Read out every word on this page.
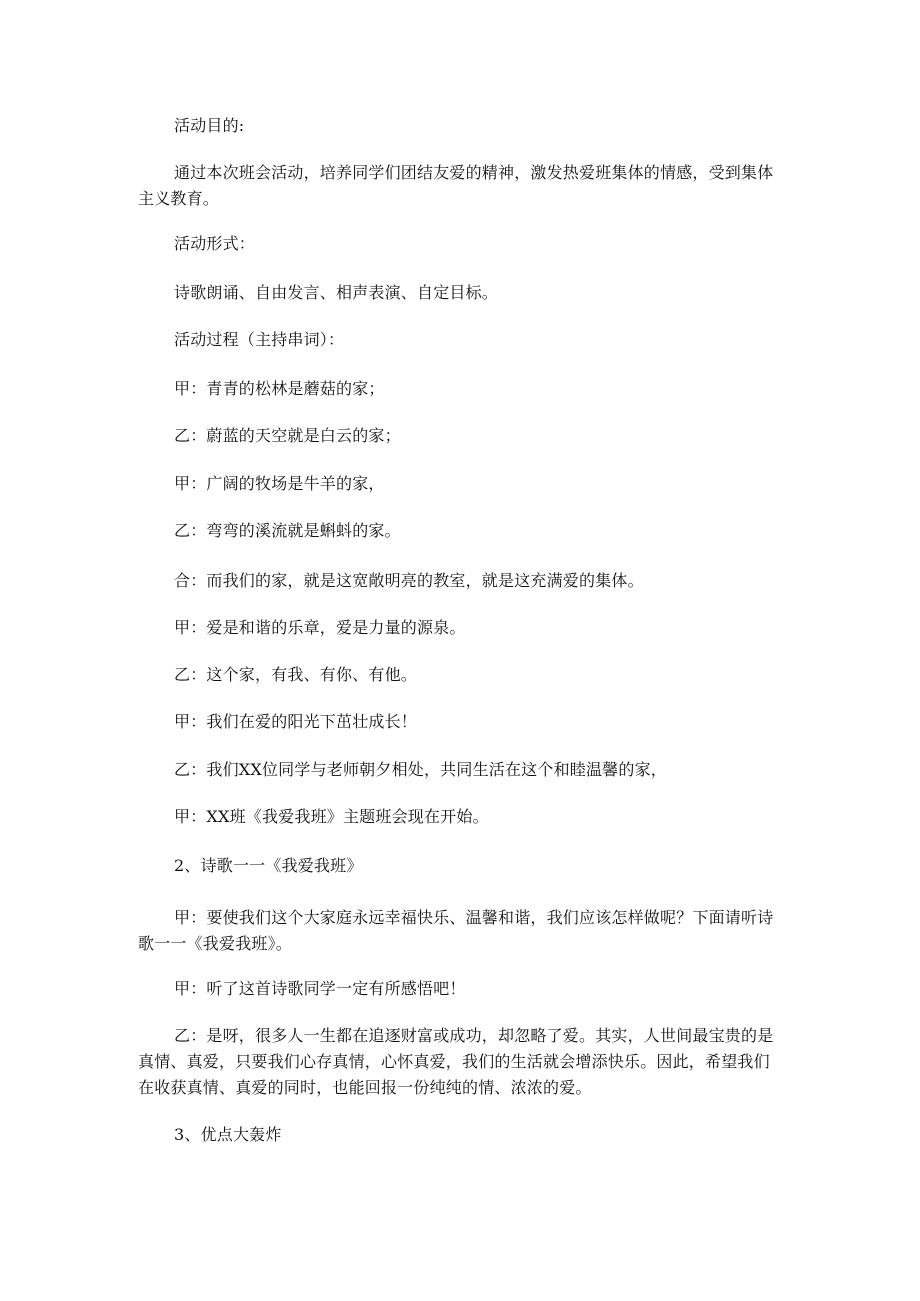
活动目的:

通过本次班会活动，培养同学们团结友爱的精神，激发热爱班集体的情感，受到集体主义教育。

活动形式：

诗歌朗诵、自由发言、相声表演、自定目标。

活动过程（主持串词）：

甲：青青的松林是蘑菇的家；

乙：蔚蓝的天空就是白云的家；

甲：广阔的牧场是牛羊的家，

乙：弯弯的溪流就是蝌蚪的家。

合：而我们的家，就是这宽敞明亮的教室，就是这充满爱的集体。

甲：爱是和谐的乐章，爱是力量的源泉。

乙：这个家，有我、有你、有他。

甲：我们在爱的阳光下茁壮成长！

乙：我们XX位同学与老师朝夕相处，共同生活在这个和睦温馨的家，

甲：XX班《我爱我班》主题班会现在开始。

2、诗歌一一《我爱我班》

甲：要使我们这个大家庭永远幸福快乐、温馨和谐，我们应该怎样做呢？下面请听诗歌一一《我爱我班》。

甲：听了这首诗歌同学一定有所感悟吧！

乙：是呀，很多人一生都在追逐财富或成功，却忽略了爱。其实，人世间最宝贵的是真情、真爱，只要我们心存真情，心怀真爱，我们的生活就会增添快乐。因此，希望我们在收获真情、真爱的同时，也能回报一份纯纯的情、浓浓的爱。

3、优点大轰炸
